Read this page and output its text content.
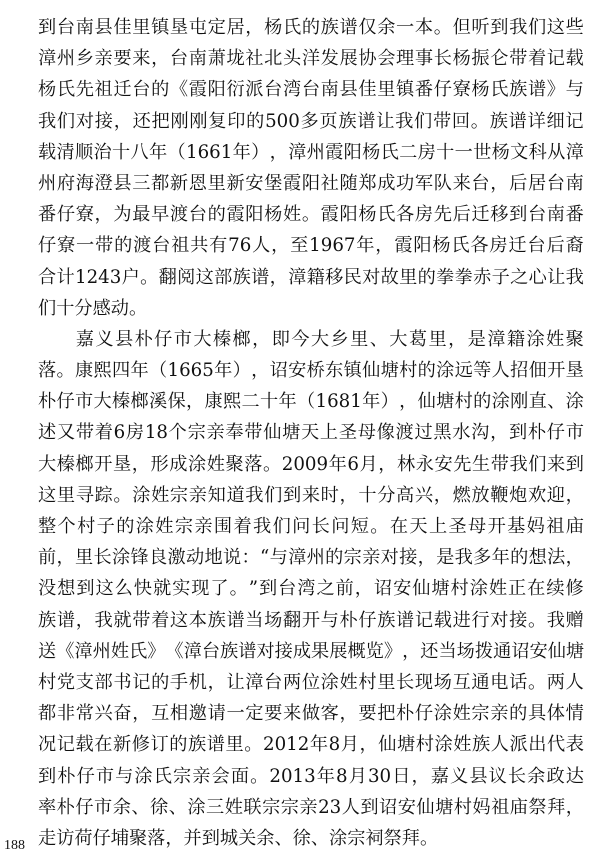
到 台 南 县 佳 里 镇 垦 屯 定 居 ， 杨 氏 的 族 谱 仅 余 一 本 。 但 听 到 我 们 这 些
漳 州 乡 亲 要 来 ， 台 南 萧 垅 社 北 头 洋 发 展 协 会 理 事 长 杨 振 仑 带 着 记 载
杨 氏 先 祖 迁 台 的 《 霞 阳 衍 派 台 湾 台 南 县 佳 里 镇 番 仔 寮 杨 氏 族 谱 》 与
我 们 对 接 ， 还 把 刚 刚 复 印 的 500 多 页 族 谱 让 我 们 带 回 。 族 谱 详 细 记
载 清 顺 治 十 八 年 （ 1661 年 ） ， 漳 州 霞 阳 杨 氏 二 房 十 一 世 杨 文 科 从 漳
州 府 海 澄 县 三 都 新 恩 里 新 安 堡 霞 阳 社 随 郑 成 功 军 队 来 台 ， 后 居 台 南
番 仔 寮 ， 为 最 早 渡 台 的 霞 阳 杨 姓 。 霞 阳 杨 氏 各 房 先 后 迁 移 到 台 南 番
仔 寮 一 带 的 渡 台 祖 共 有 76 人 ， 至 1967 年 ， 霞 阳 杨 氏 各 房 迁 台 后 裔
合 计 1243 户 。 翻 阅 这 部 族 谱 ， 漳 籍 移 民 对 故 里 的 拳 拳 赤 子 之 心 让 我
们十分感动。

嘉 义 县 朴 仔 市 大 榛 榔 ， 即 今 大 乡 里 、 大 葛 里 ， 是 漳 籍 涂 姓 聚
落 。 康 熙 四 年 （ 1665 年 ） ， 诏 安 桥 东 镇 仙 塘 村 的 涂 远 等 人 招 佃 开 垦
朴 仔 市 大 榛 榔 溪 保 ， 康 熙 二 十 年 （ 1681 年 ） ， 仙 塘 村 的 涂 刚 直 、 涂
述 又 带 着 6 房 18 个 宗 亲 奉 带 仙 塘 天 上 圣 母 像 渡 过 黑 水 沟 ， 到 朴 仔 市
大 榛 榔 开 垦 ， 形 成 涂 姓 聚 落 。 2009 年 6 月 ， 林 永 安 先 生 带 我 们 来 到
这 里 寻 踪 。 涂 姓 宗 亲 知 道 我 们 到 来 时 ， 十 分 高 兴 ， 燃 放 鞭 炮 欢 迎 ，
整 个 村 子 的 涂 姓 宗 亲 围 着 我 们 问 长 问 短 。 在 天 上 圣 母 开 基 妈 祖 庙
前 ， 里 长 涂 锋 良 激 动 地 说 ： “ 与 漳 州 的 宗 亲 对 接 ， 是 我 多 年 的 想 法 ，
没 想 到 这 么 快 就 实 现 了 。 ” 到 台 湾 之 前 ， 诏 安 仙 塘 村 涂 姓 正 在 续 修
族 谱 ， 我 就 带 着 这 本 族 谱 当 场 翻 开 与 朴 仔 族 谱 记 载 进 行 对 接 。 我 赠
送 《 漳 州 姓 氏 》 《 漳 台 族 谱 对 接 成 果 展 概 览 》 ， 还 当 场 拨 通 诏 安 仙 塘
村 党 支 部 书 记 的 手 机 ， 让 漳 台 两 位 涂 姓 村 里 长 现 场 互 通 电 话 。 两 人
都 非 常 兴 奋 ， 互 相 邀 请 一 定 要 来 做 客 ， 要 把 朴 仔 涂 姓 宗 亲 的 具 体 情
况 记 载 在 新 修 订 的 族 谱 里 。 2012 年 8 月 ， 仙 塘 村 涂 姓 族 人 派 出 代 表
到 朴 仔 市 与 涂 氏 宗 亲 会 面 。 2013 年 8 月 30 日 ， 嘉 义 县 议 长 余 政 达
率 朴 仔 市 余 、 徐 、 涂 三 姓 联 宗 宗 亲 23 人 到 诏 安 仙 塘 村 妈 祖 庙 祭 拜 ，
走访荷仔埔聚落，并到城关余、徐、涂宗祠祭拜。
188
